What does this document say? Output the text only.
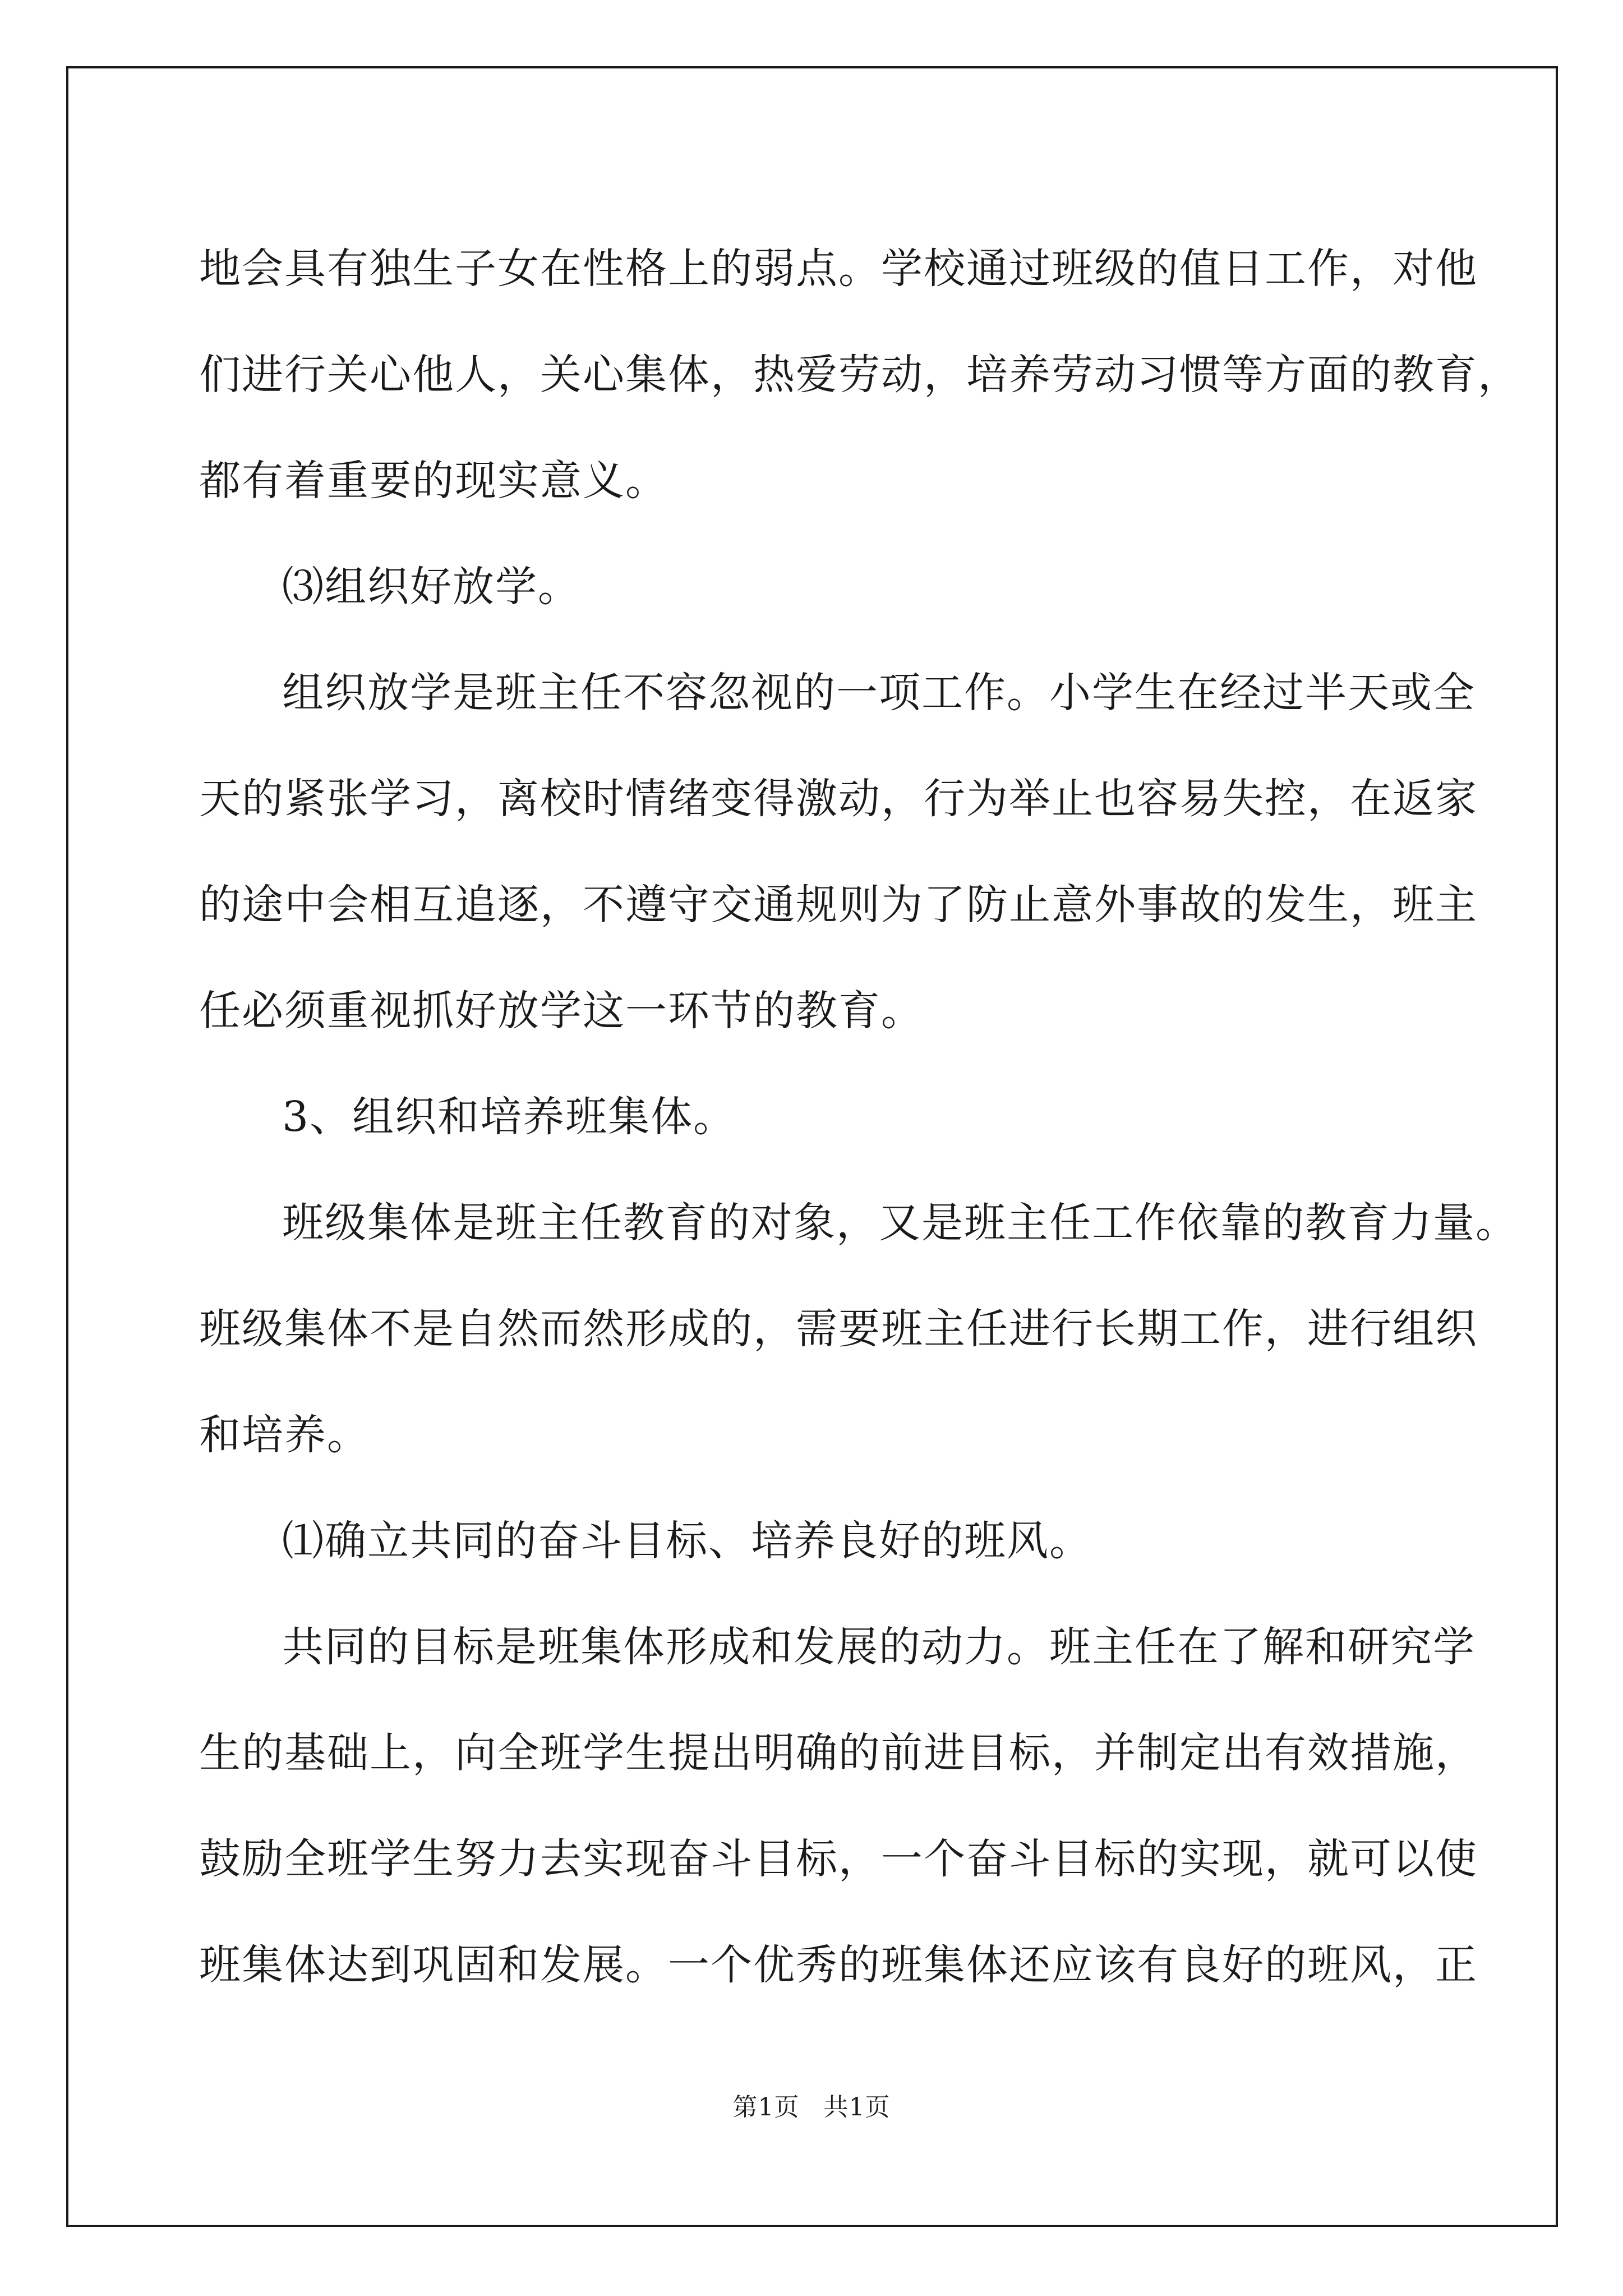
地会具有独生子女在性格上的弱点。学校通过班级的值日工作，对他
们进行关心他人，关心集体，热爱劳动，培养劳动习惯等方面的教育，
都有着重要的现实意义。
⑶组织好放学。
组织放学是班主任不容忽视的一项工作。小学生在经过半天或全
天的紧张学习，离校时情绪变得激动，行为举止也容易失控，在返家
的途中会相互追逐，不遵守交通规则为了防止意外事故的发生，班主
任必须重视抓好放学这一环节的教育。
3、组织和培养班集体。
班级集体是班主任教育的对象，又是班主任工作依靠的教育力量。
班级集体不是自然而然形成的，需要班主任进行长期工作，进行组织
和培养。
⑴确立共同的奋斗目标、培养良好的班风。
共同的目标是班集体形成和发展的动力。班主任在了解和研究学
生的基础上，向全班学生提出明确的前进目标，并制定出有效措施，
鼓励全班学生努力去实现奋斗目标，一个奋斗目标的实现，就可以使
班集体达到巩固和发展。一个优秀的班集体还应该有良好的班风，正
第1页 共1页
